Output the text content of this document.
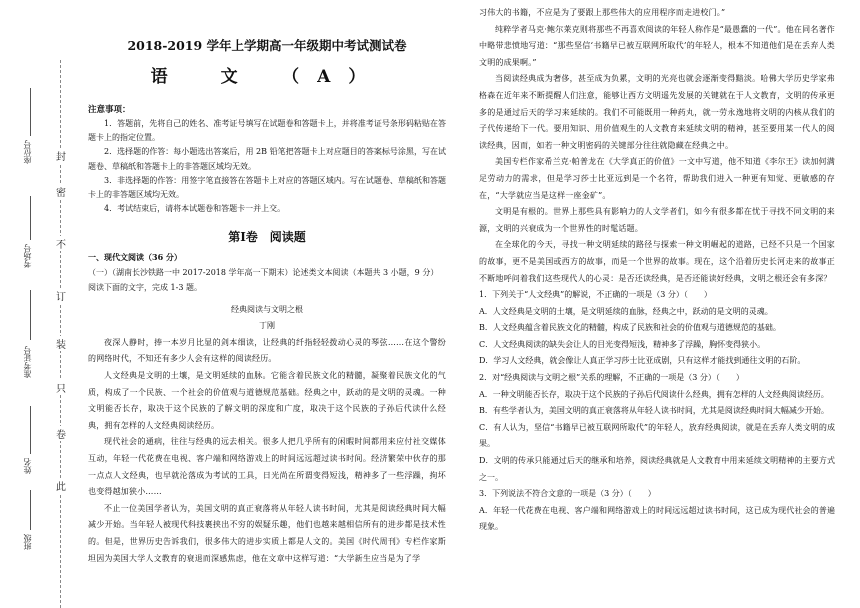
封
密
不
订
装
只
卷
此
座位号
考场号
准考证号
姓名
班级
2018-2019 学年上学期高一年级期中考试测试卷
语　文　（A）
注意事项：

1．答题前，先将自己的姓名、准考证号填写在试题卷和答题卡上，并将准考证号条形码粘贴在答题卡上的指定位置。

2．选择题的作答：每小题选出答案后，用 2B 铅笔把答题卡上对应题目的答案标号涂黑，写在试题卷、草稿纸和答题卡上的非答题区域均无效。

3．非选择题的作答：用签字笔直接答在答题卡上对应的答题区域内。写在试题卷、草稿纸和答题卡上的非答题区域均无效。

4．考试结束后，请将本试题卷和答题卡一并上交。

第Ⅰ卷　阅读题
一、现代文阅读（36 分）

（一）（湖南长沙铁路一中 2017-2018 学年高一下期末）论述类文本阅读（本题共 3 小题，9 分）

阅读下面的文字，完成 1-3 题。

经典阅读与文明之根

丁刚

夜深人静时，捧一本岁月比显的剑本细读，让经典的纤指轻轻拨动心灵的琴弦……在这个警纷的网络时代，不知还有多少人会有这样的阅读经历。

人文经典是文明的土壤，是文明延续的血脉。它能含着民族文化的精髓，凝聚着民族文化的气质，构成了一个民族、一个社会的价值观与道德规范基础。经典之中，跃动的是文明的灵魂。一种文明能否长存，取决于这个民族的了解文明的深度和广度，取决于这个民族的子孙后代读什么经典，拥有怎样的人文经典阅读经历。

现代社会的通病，往往与经典的远去相关。很多人把几乎所有的闲暇时间都用来应付社交媒体互动，年轻一代花费在电视、客户端和网络游戏上的时间远远超过读书时间。经济繁荣中伙存的那一点点人文经典，也早就沦落成为考试的工具，日光尚在所谓变得短浅，精神多了一些浮躁，拘坏也变得越加狭小……

不止一位美国学者认为，美国文明的真正衰落将从年轻人读书时间，尤其是阅读经典时间大幅减少开始。当年轻人被现代科技裹挟出不穷的娱疑乐趣，他们也越来越相信所有的进步都是技术性的。但是，世界历史告诉我们，很多伟大的进步实质上都是人文的。美国《时代周刊》专栏作家斯坦因为美国大学人文教育的衰退而深感焦虑，他在文章中这样写道：“大学新生应当是为了学

习伟大的书籍，不应是为了要跟上那些伟大的应用程序而走进校门。”

纯粹学者马克·鲍尔莱克则将那些不再喜欢阅读的年轻人称作是“最愚蠢的一代”。他在同名著作中略带悲愤地写道：“那些坚信‘书籍早已被互联网所取代’的年轻人，根本不知道他们是在丢弃人类文明的成果啊。”

当阅读经典成为奢侈，甚至成为负累，文明的光亮也就会逐渐变得黯淡。哈佛大学历史学家弗格森在近年来不断提醒人们注意，能够让西方文明遥先发展的关键就在于人文教育，文明的传承更多的是通过后天的学习来延续的。我们不可能既用一种药丸，就一劳永逸地将文明的内核从我们的子代传递给下一代。要用知识、用价值观生的人文教育来延续文明的精神，甚至要用某一代人的阅读经典，因而，如若一种文明密码的关键部分往往就隐藏在经典之中。

美国专栏作家希兰克·帕普龙在《大学真正的价值》一文中写道，他不知道《李尔王》读加何满足劳动力的需求，但是学习莎士比亚远到是一个名符，帮助我们进入一种更有知觉、更敏感的存在，“大学就应当是这样一座金矿”。

文明是有根的。世界上那些具有影响力的人文学者们，如今有很多都在忧于寻找不同文明的来源，文明的兴衰成为一个世界性的时髦话题。

在全球化的今天，寻找一种文明延续的路径与探索一种文明崛起的道路，已经不只是一个国家的故事，更不是美国或西方的故事，而是一个世界的故事。现在，这个沿着历史长河走来的故事正不断地呼问着我们这些现代人的心灵：是否还读经典，是否还能读好经典，文明之根还会有多深？

1．下列关于“人文经典”的解说，不正确的一项是（3 分）（　　）

A．人文经典是文明的土壤，是文明延续的血脉，经典之中，跃动的是文明的灵魂。

B．人文经典蕴含着民族文化的精髓，构成了民族和社会的价值观与道德规范的基础。

C．人文经典阅读的缺失会让人的目光变得短浅，精神多了浮躁，胸怀变得狭小。

D．学习人文经典，就会像让人真正学习莎士比亚成剧，只有这样才能找到通往文明的石阶。

2．对“经典阅读与文明之根”关系的理解，不正确的一项是（3 分）（　　）

A．一种文明能否长存，取决于这个民族的子孙后代阅读什么经典，拥有怎样的人文经典阅读经历。

B．有些学者认为，美国文明的真正衰落将从年轻人读书时间，尤其是阅读经典时间大幅减少开始。

C．有人认为，坚信“书籍早已被互联网所取代”的年轻人，放弃经典阅读，就是在丢弃人类文明的成果。

D．文明的传承只能通过后天的继承和培养，阅读经典就是人文教育中用来延续文明精神的主要方式之一。

3．下列说法不符合文意的一项是（3 分）（　　）

A．年轻一代花费在电视、客户端和网络游戏上的时间远远超过读书时间，这已成为现代社会的普遍现象。
